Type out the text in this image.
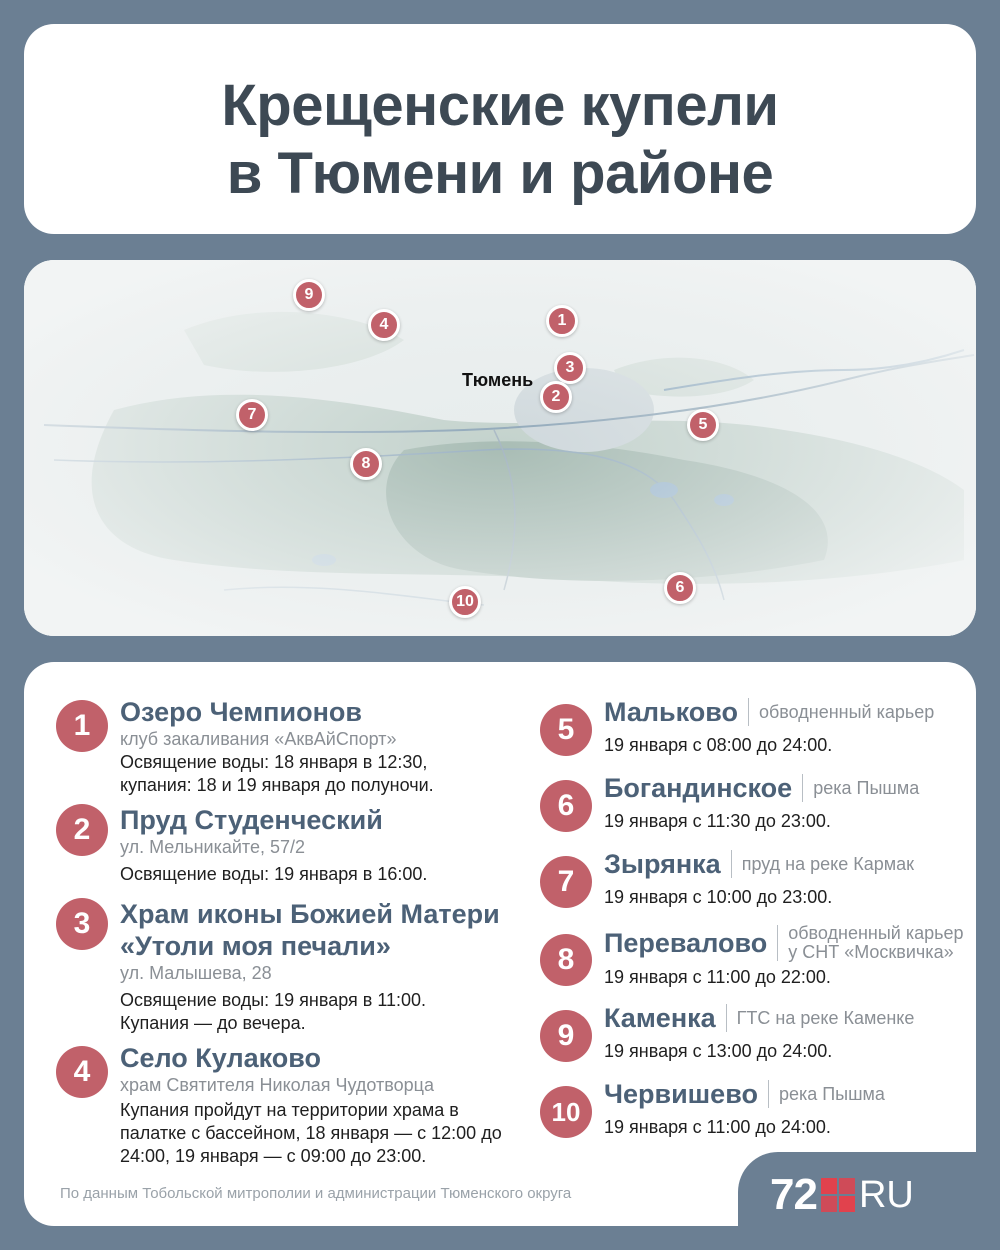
Крещенские купели
в Тюмени и районе
Тюмень
9
4	1
3
2
7
5
8
6
10
1	Озеро Чемпионов
клуб закаливания «АквАйСпорт»
Освящение воды: 18 января в 12:30,
купания: 18 и 19 января до полуночи.
2	Пруд Студенческий
ул. Мельникайте, 57/2
Освящение воды: 19 января в 16:00.
3	Храм иконы Божией Матери
«Утоли моя печали»
ул. Малышева, 28
Освящение воды: 19 января в 11:00.
Купания — до вечера.
4	Село Кулаково
храм Святителя Николая Чудотворца
Купания пройдут на территории храма в
палатке с бассейном, 18 января — с 12:00 до
24:00, 19 января — с 09:00 до 23:00.
5
Мальково обводненный карьер
19 января с 08:00 до 24:00.
6
Богандинское река Пышма
19 января с 11:30 до 23:00.
7
Зырянка пруд на реке Кармак
19 января с 10:00 до 23:00.
8	Перевалово обводненный карьер
у СНТ «Москвичка»
19 января с 11:00 до 22:00.
9
Каменка ГТС на реке Каменке
19 января с 13:00 до 24:00.
10
Червишево река Пышма
19 января с 11:00 до 24:00.
По данным Тобольской митрополии и администрации Тюменского округа	72 RU
